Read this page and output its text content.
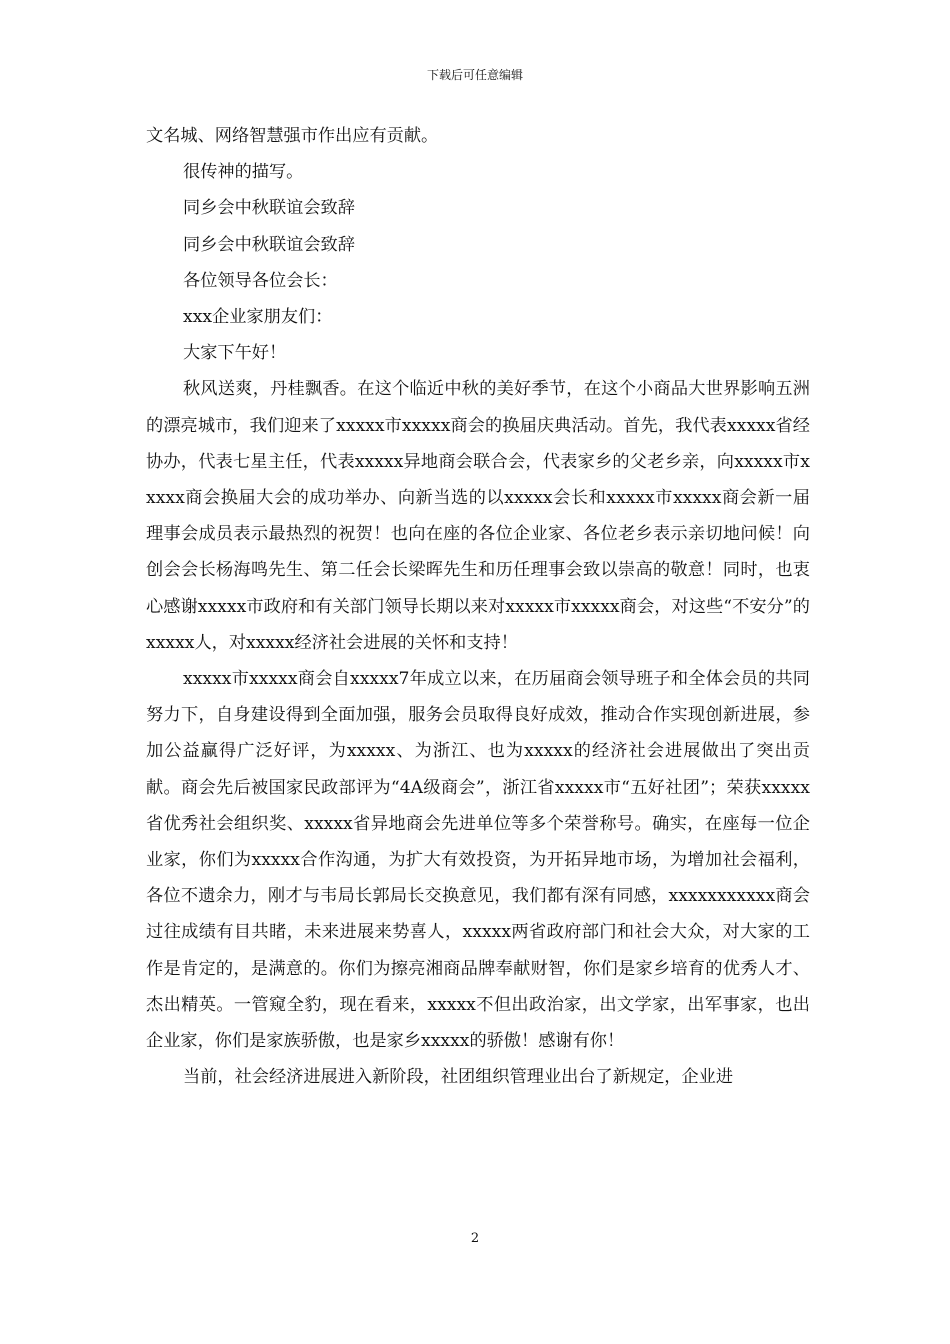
下载后可任意编辑

文名城、网络智慧强市作出应有贡献。

很传神的描写。

同乡会中秋联谊会致辞

同乡会中秋联谊会致辞

各位领导各位会长：

xxx企业家朋友们：

大家下午好！

秋风送爽，丹桂飘香。在这个临近中秋的美好季节，在这个小商品大世界影响五洲的漂亮城市，我们迎来了xxxxx市xxxxx商会的换届庆典活动。首先，我代表xxxxx省经协办，代表七星主任，代表xxxxx异地商会联合会，代表家乡的父老乡亲，向xxxxx市xxxxx商会换届大会的成功举办、向新当选的以xxxxx会长和xxxxx市xxxxx商会新一届理事会成员表示最热烈的祝贺！也向在座的各位企业家、各位老乡表示亲切地问候！向创会会长杨海鸣先生、第二任会长梁晖先生和历任理事会致以崇高的敬意！同时，也衷心感谢xxxxx市政府和有关部门领导长期以来对xxxxx市xxxxx商会，对这些“不安分”的xxxxx人，对xxxxx经济社会进展的关怀和支持！

xxxxx市xxxxx商会自xxxxx7年成立以来，在历届商会领导班子和全体会员的共同努力下，自身建设得到全面加强，服务会员取得良好成效，推动合作实现创新进展，参加公益赢得广泛好评，为xxxxx、为浙江、也为xxxxx的经济社会进展做出了突出贡献。商会先后被国家民政部评为“4A级商会”，浙江省xxxxx市“五好社团”；荣获xxxxx省优秀社会组织奖、xxxxx省异地商会先进单位等多个荣誉称号。确实，在座每一位企业家，你们为xxxxx合作沟通，为扩大有效投资，为开拓异地市场，为增加社会福利，各位不遗余力，刚才与韦局长郭局长交换意见，我们都有深有同感，xxxxxxxxxxx商会过往成绩有目共睹，未来进展来势喜人，xxxxx两省政府部门和社会大众，对大家的工作是肯定的，是满意的。你们为擦亮湘商品牌奉献财智，你们是家乡培育的优秀人才、杰出精英。一管窥全豹，现在看来，xxxxx不但出政治家，出文学家，出军事家，也出企业家，你们是家族骄傲，也是家乡xxxxx的骄傲！感谢有你！

当前，社会经济进展进入新阶段，社团组织管理业出台了新规定，企业进

2
